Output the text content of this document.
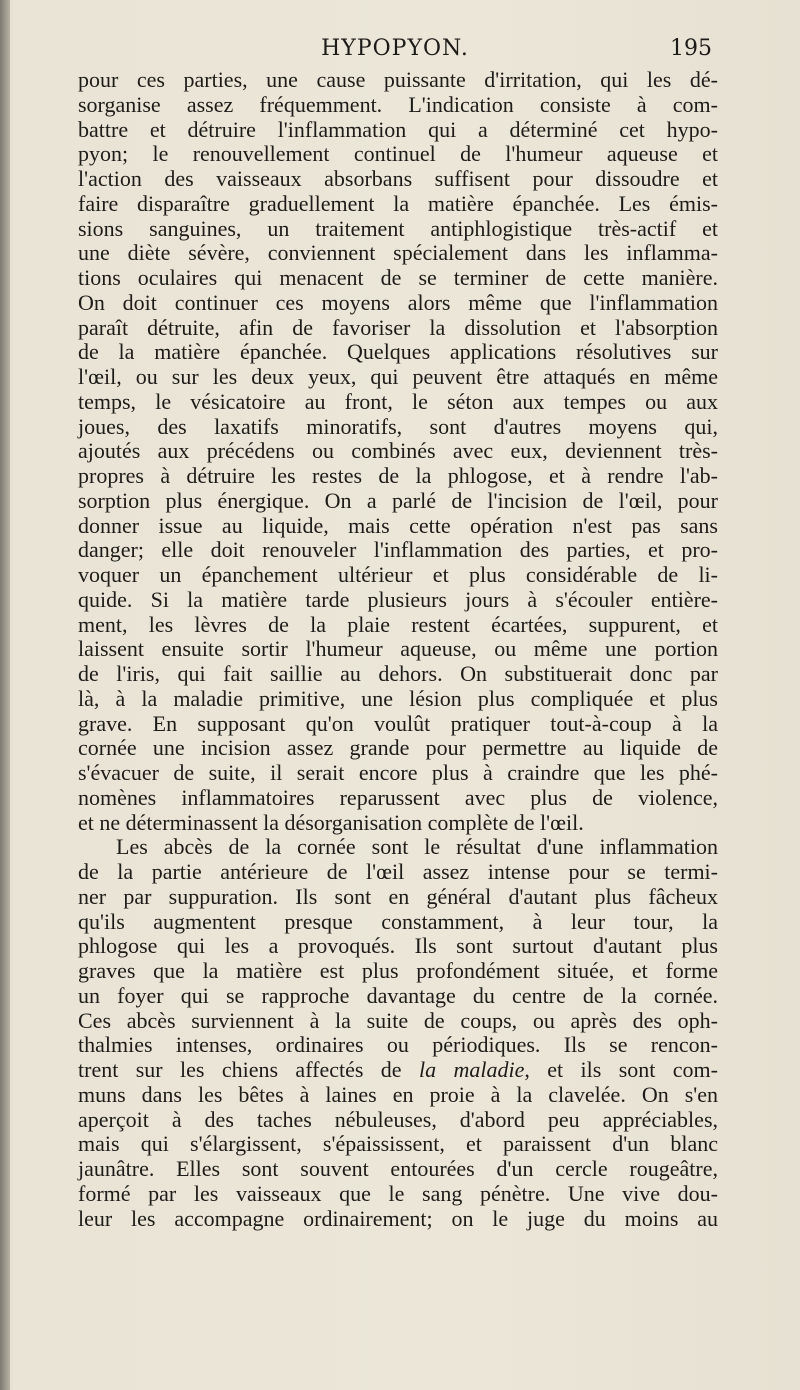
HYPOPYON.	195
pour ces parties, une cause puissante d'irritation, qui les dé-
sorganise assez fréquemment. L'indication consiste à com-
battre et détruire l'inflammation qui a déterminé cet hypo-
pyon; le renouvellement continuel de l'humeur aqueuse et
l'action des vaisseaux absorbans suffisent pour dissoudre et
faire disparaître graduellement la matière épanchée. Les émis-
sions sanguines, un traitement antiphlogistique très-actif et
une diète sévère, conviennent spécialement dans les inflamma-
tions oculaires qui menacent de se terminer de cette manière.
On doit continuer ces moyens alors même que l'inflammation
paraît détruite, afin de favoriser la dissolution et l'absorption
de la matière épanchée. Quelques applications résolutives sur
l'œil, ou sur les deux yeux, qui peuvent être attaqués en même
temps, le vésicatoire au front, le séton aux tempes ou aux
joues, des laxatifs minoratifs, sont d'autres moyens qui,
ajoutés aux précédens ou combinés avec eux, deviennent très-
propres à détruire les restes de la phlogose, et à rendre l'ab-
sorption plus énergique. On a parlé de l'incision de l'œil, pour
donner issue au liquide, mais cette opération n'est pas sans
danger; elle doit renouveler l'inflammation des parties, et pro-
voquer un épanchement ultérieur et plus considérable de li-
quide. Si la matière tarde plusieurs jours à s'écouler entière-
ment, les lèvres de la plaie restent écartées, suppurent, et
laissent ensuite sortir l'humeur aqueuse, ou même une portion
de l'iris, qui fait saillie au dehors. On substituerait donc par
là, à la maladie primitive, une lésion plus compliquée et plus
grave. En supposant qu'on voulût pratiquer tout-à-coup à la
cornée une incision assez grande pour permettre au liquide de
s'évacuer de suite, il serait encore plus à craindre que les phé-
nomènes inflammatoires reparussent avec plus de violence,
et ne déterminassent la désorganisation complète de l'œil.
Les abcès de la cornée sont le résultat d'une inflammation
de la partie antérieure de l'œil assez intense pour se termi-
ner par suppuration. Ils sont en général d'autant plus fâcheux
qu'ils augmentent presque constamment, à leur tour, la
phlogose qui les a provoqués. Ils sont surtout d'autant plus
graves que la matière est plus profondément située, et forme
un foyer qui se rapproche davantage du centre de la cornée.
Ces abcès surviennent à la suite de coups, ou après des oph-
thalmies intenses, ordinaires ou périodiques. Ils se rencon-
trent sur les chiens affectés de la maladie, et ils sont com-
muns dans les bêtes à laines en proie à la clavelée. On s'en
aperçoit à des taches nébuleuses, d'abord peu appréciables,
mais qui s'élargissent, s'épaississent, et paraissent d'un blanc
jaunâtre. Elles sont souvent entourées d'un cercle rougeâtre,
formé par les vaisseaux que le sang pénètre. Une vive dou-
leur les accompagne ordinairement; on le juge du moins au
